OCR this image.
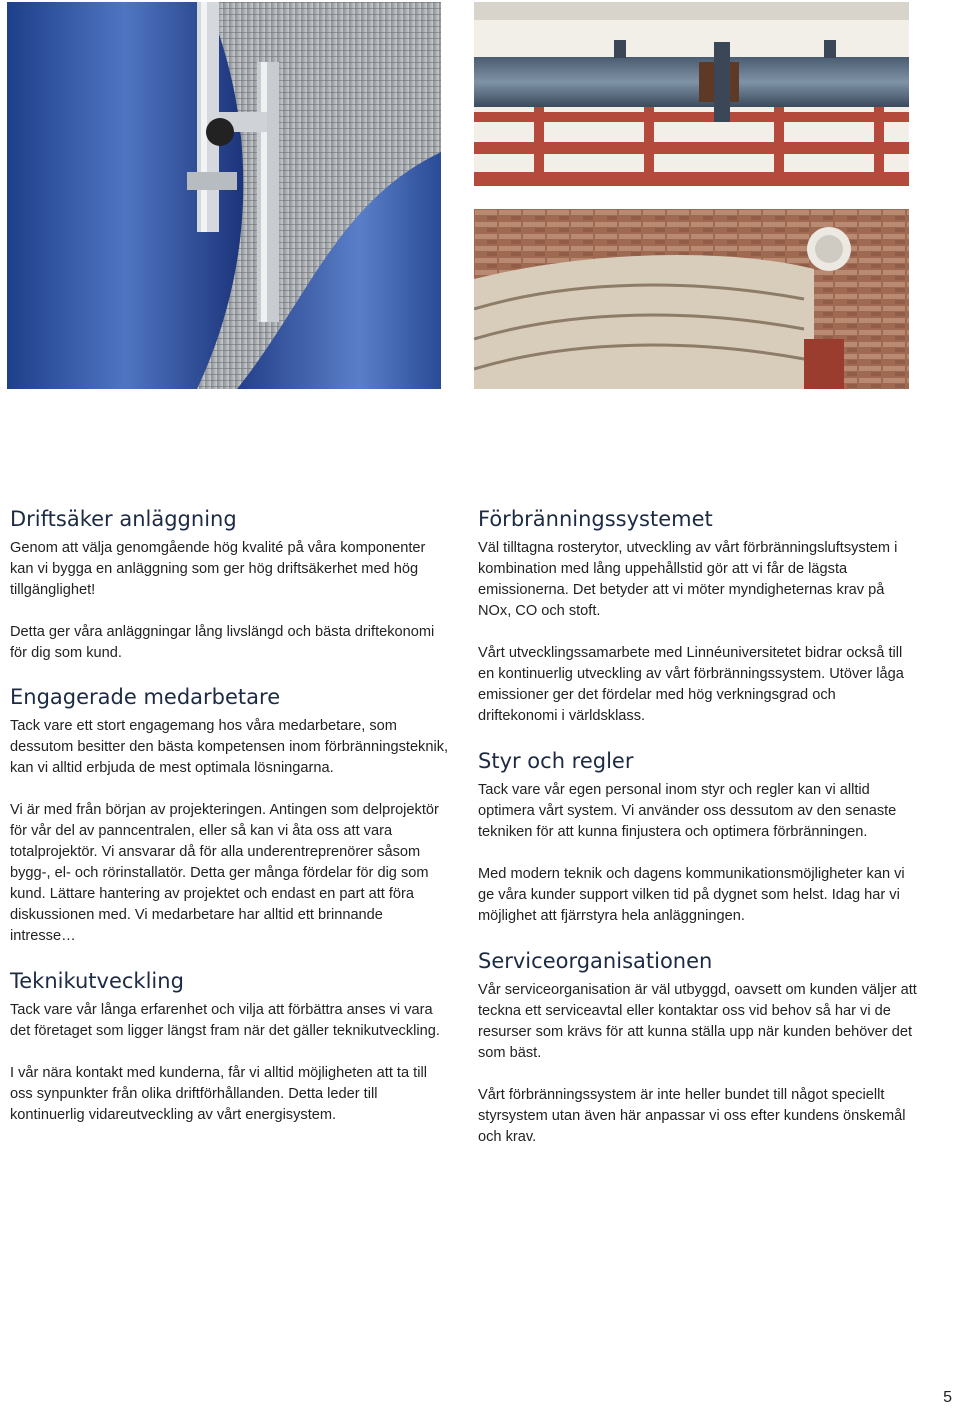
Driftsäker anläggning

Genom att välja genomgående hög kvalité på våra komponenter kan vi bygga en anläggning som ger hög driftsäkerhet med hög tillgänglighet!

Detta ger våra anläggningar lång livslängd och bästa driftekonomi för dig som kund.

Engagerade medarbetare

Tack vare ett stort engagemang hos våra medarbetare, som dessutom besitter den bästa kompetensen inom förbränningsteknik, kan vi alltid erbjuda de mest optimala lösningarna.

Vi är med från början av projekteringen. Antingen som delprojektör för vår del av panncentralen, eller så kan vi åta oss att vara totalprojektör. Vi ansvarar då för alla underentreprenörer såsom bygg-, el- och rörinstallatör. Detta ger många fördelar för dig som kund. Lättare hantering av projektet och endast en part att föra diskussionen med. Vi medarbetare har alltid ett brinnande intresse…

Teknikutveckling

Tack vare vår långa erfarenhet och vilja att förbättra anses vi vara det företaget som ligger längst fram när det gäller teknikutveckling.

I vår nära kontakt med kunderna, får vi alltid möjligheten att ta till oss synpunkter från olika driftförhållanden. Detta leder till kontinuerlig vidareutveckling av vårt energisystem.

Förbränningssystemet

Väl tilltagna rosterytor, utveckling av vårt förbränningsluftsystem i kombination med lång uppehållstid gör att vi får de lägsta emissionerna. Det betyder att vi möter myndigheternas krav på NOx, CO och stoft.

Vårt utvecklingssamarbete med Linnéuniversitetet bidrar också till en kontinuerlig utveckling av vårt förbränningssystem. Utöver låga emissioner ger det fördelar med hög verkningsgrad och driftekonomi i världsklass.

Styr och regler

Tack vare vår egen personal inom styr och regler kan vi alltid optimera vårt system. Vi använder oss dessutom av den senaste tekniken för att kunna finjustera och optimera förbränningen.

Med modern teknik och dagens kommunikationsmöjligheter kan vi ge våra kunder support vilken tid på dygnet som helst. Idag har vi möjlighet att fjärrstyra hela anläggningen.

Serviceorganisationen

Vår serviceorganisation är väl utbyggd, oavsett om kunden väljer att teckna ett serviceavtal eller kontaktar oss vid behov så har vi de resurser som krävs för att kunna ställa upp när kunden behöver det som bäst.

Vårt förbränningssystem är inte heller bundet till något speciellt styrsystem utan även här anpassar vi oss efter kundens önskemål och krav.

5
